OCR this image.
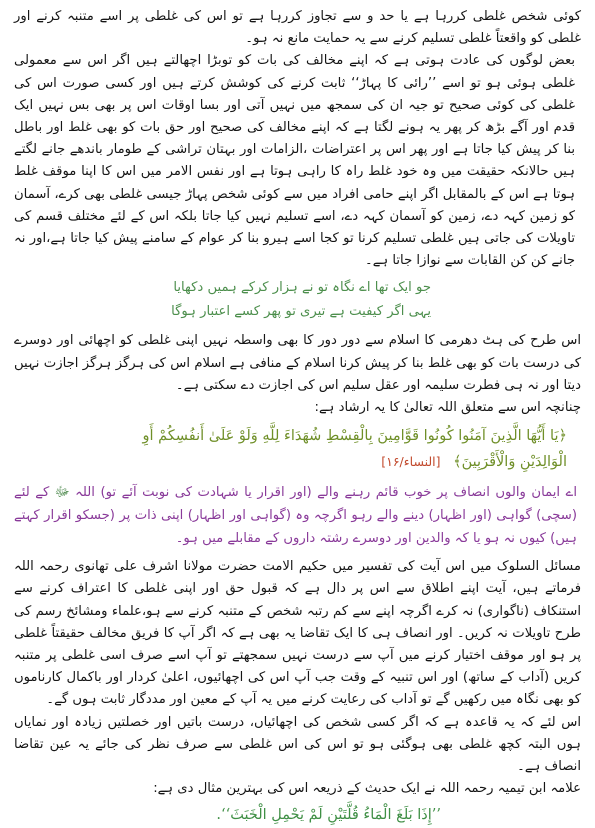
کوئی شخص غلطی کررہا ہے یا حد و سے تجاوز کررہا ہے تو اس کی غلطی پر اسے متنبہ کرنے اور غلطی کو واقعتاً غلطی تسلیم کرنے سے یہ حمایت مانع نہ ہو۔

بعض لوگوں کی عادت ہوتی ہے کہ اپنے مخالف کی بات کو توبڑا اچھالتے ہیں اگر اس سے معمولی غلطی ہوئی ہو تو اسے ’’رائی کا پہاڑ‘‘ ثابت کرنے کی کوشش کرتے ہیں اور کسی صورت اس کی غلطی کی کوئی صحیح تو جیہ ان کی سمجھ میں نہیں آتی اور بسا اوقات اس پر بھی بس نہیں ایک قدم اور آگے بڑھ کر پھر یہ ہونے لگتا ہے کہ اپنے مخالف کی صحیح اور حق بات کو بھی غلط اور باطل بنا کر پیش کیا جاتا ہے اور پھر اس پر اعتراضات ،الزامات اور بہتان تراشی کے طومار باندھے جانے لگتے ہیں حالانکہ حقیقت میں وہ خود غلط راہ کا راہی ہوتا ہے اور نفس الامر میں اس کا اپنا موقف غلط ہوتا ہے اس کے بالمقابل اگر اپنے حامی افراد میں سے کوئی شخص پہاڑ جیسی غلطی بھی کرے، آسمان کو زمین کہہ دے، زمین کو آسمان کہہ دے، اسے تسلیم نہیں کیا جاتا بلکہ اس کے لئے مختلف قسم کی تاویلات کی جاتی ہیں غلطی تسلیم کرنا تو کجا اسے ہیرو بنا کر عوام کے سامنے پیش کیا جاتا ہے،اور نہ جانے کن کن القابات سے نوازا جاتا ہے۔

جو ایک تھا اے نگاہ تو نے ہزار کرکے ہمیں دکھایا
یہی اگر کیفیت ہے تیری تو پھر کسے اعتبار ہوگا

اس طرح کی ہٹ دھرمی کا اسلام سے دور دور کا بھی واسطہ نہیں اپنی غلطی کو اچھائی اور دوسرے کی درست بات کو بھی غلط بنا کر پیش کرنا اسلام کے منافی ہے اسلام اس کی ہرگز ہرگز اجازت نہیں دیتا اور نہ ہی فطرت سلیمہ اور عقل سلیم اس کی اجازت دے سکتی ہے۔

چنانچہ اس سے متعلق اللہ تعالیٰ کا یہ ارشاد ہے:

﴿يَا أَيُّهَا الَّذِينَ آمَنُوا كُونُوا قَوَّامِينَ بِالْقِسْطِ شُهَدَاءَ لِلَّهِ وَلَوْ عَلَىٰ أَنفُسِكُمْ أَوِ
الْوَالِدَيْنِ وَالْأَقْرَبِينَ﴾ [النساء/۱۶]

اے ایمان والوں انصاف پر خوب قائم رہنے والے (اور اقرار یا شہادت کی نوبت آئے تو) اللہ ﷻ کے لئے (سچی) گواہی (اور اظہار) دینے والے رہو اگرچہ وہ (گواہی اور اظہار) اپنی ذات پر (جسکو اقرار کہتے ہیں) کیوں نہ ہو یا کہ والدین اور دوسرے رشتہ داروں کے مقابلے میں ہو۔

مسائل السلوک میں اس آیت کی تفسیر میں حکیم الامت حضرت مولانا اشرف علی تھانوی رحمہ اللہ فرماتے ہیں، آیت اپنے اطلاق سے اس پر دال ہے کہ قبول حق اور اپنی غلطی کا اعتراف کرنے سے استنکاف (ناگواری) نہ کرے اگرچہ اپنے سے کم رتبہ شخص کے متنبہ کرنے سے ہو،علماء ومشائخ رسم کی طرح تاویلات نہ کریں۔ اور انصاف ہی کا ایک تقاضا یہ بھی ہے کہ اگر آپ کا فریق مخالف حقیقتاً غلطی پر ہو اور موقف اختیار کرنے میں آپ سے درست نہیں سمجھتے تو آپ اسے صرف اسی غلطی پر متنبہ کریں (آداب کے ساتھ) اور اس تنبیہ کے وقت جب آپ اس کی اچھائیوں، اعلیٰ کردار اور باکمال کارناموں کو بھی نگاہ میں رکھیں گے تو آداب کی رعایت کرنے میں یہ آپ کے معین اور مددگار ثابت ہوں گے۔

اس لئے کہ یہ قاعدہ ہے کہ اگر کسی شخص کی اچھائیاں، درست باتیں اور خصلتیں زیادہ اور نمایاں ہوں البتہ کچھ غلطی بھی ہوگئی ہو تو اس کی اس غلطی سے صرف نظر کی جائے یہ عین تقاضا انصاف ہے۔

علامہ ابن تیمیہ رحمہ اللہ نے ایک حدیث کے ذریعہ اس کی بہترین مثال دی ہے:

’’إِذَا بَلَغَ الْمَاءُ قُلَّتَيْنِ لَمْ يَحْمِلِ الْخَبَثَ‘‘.
